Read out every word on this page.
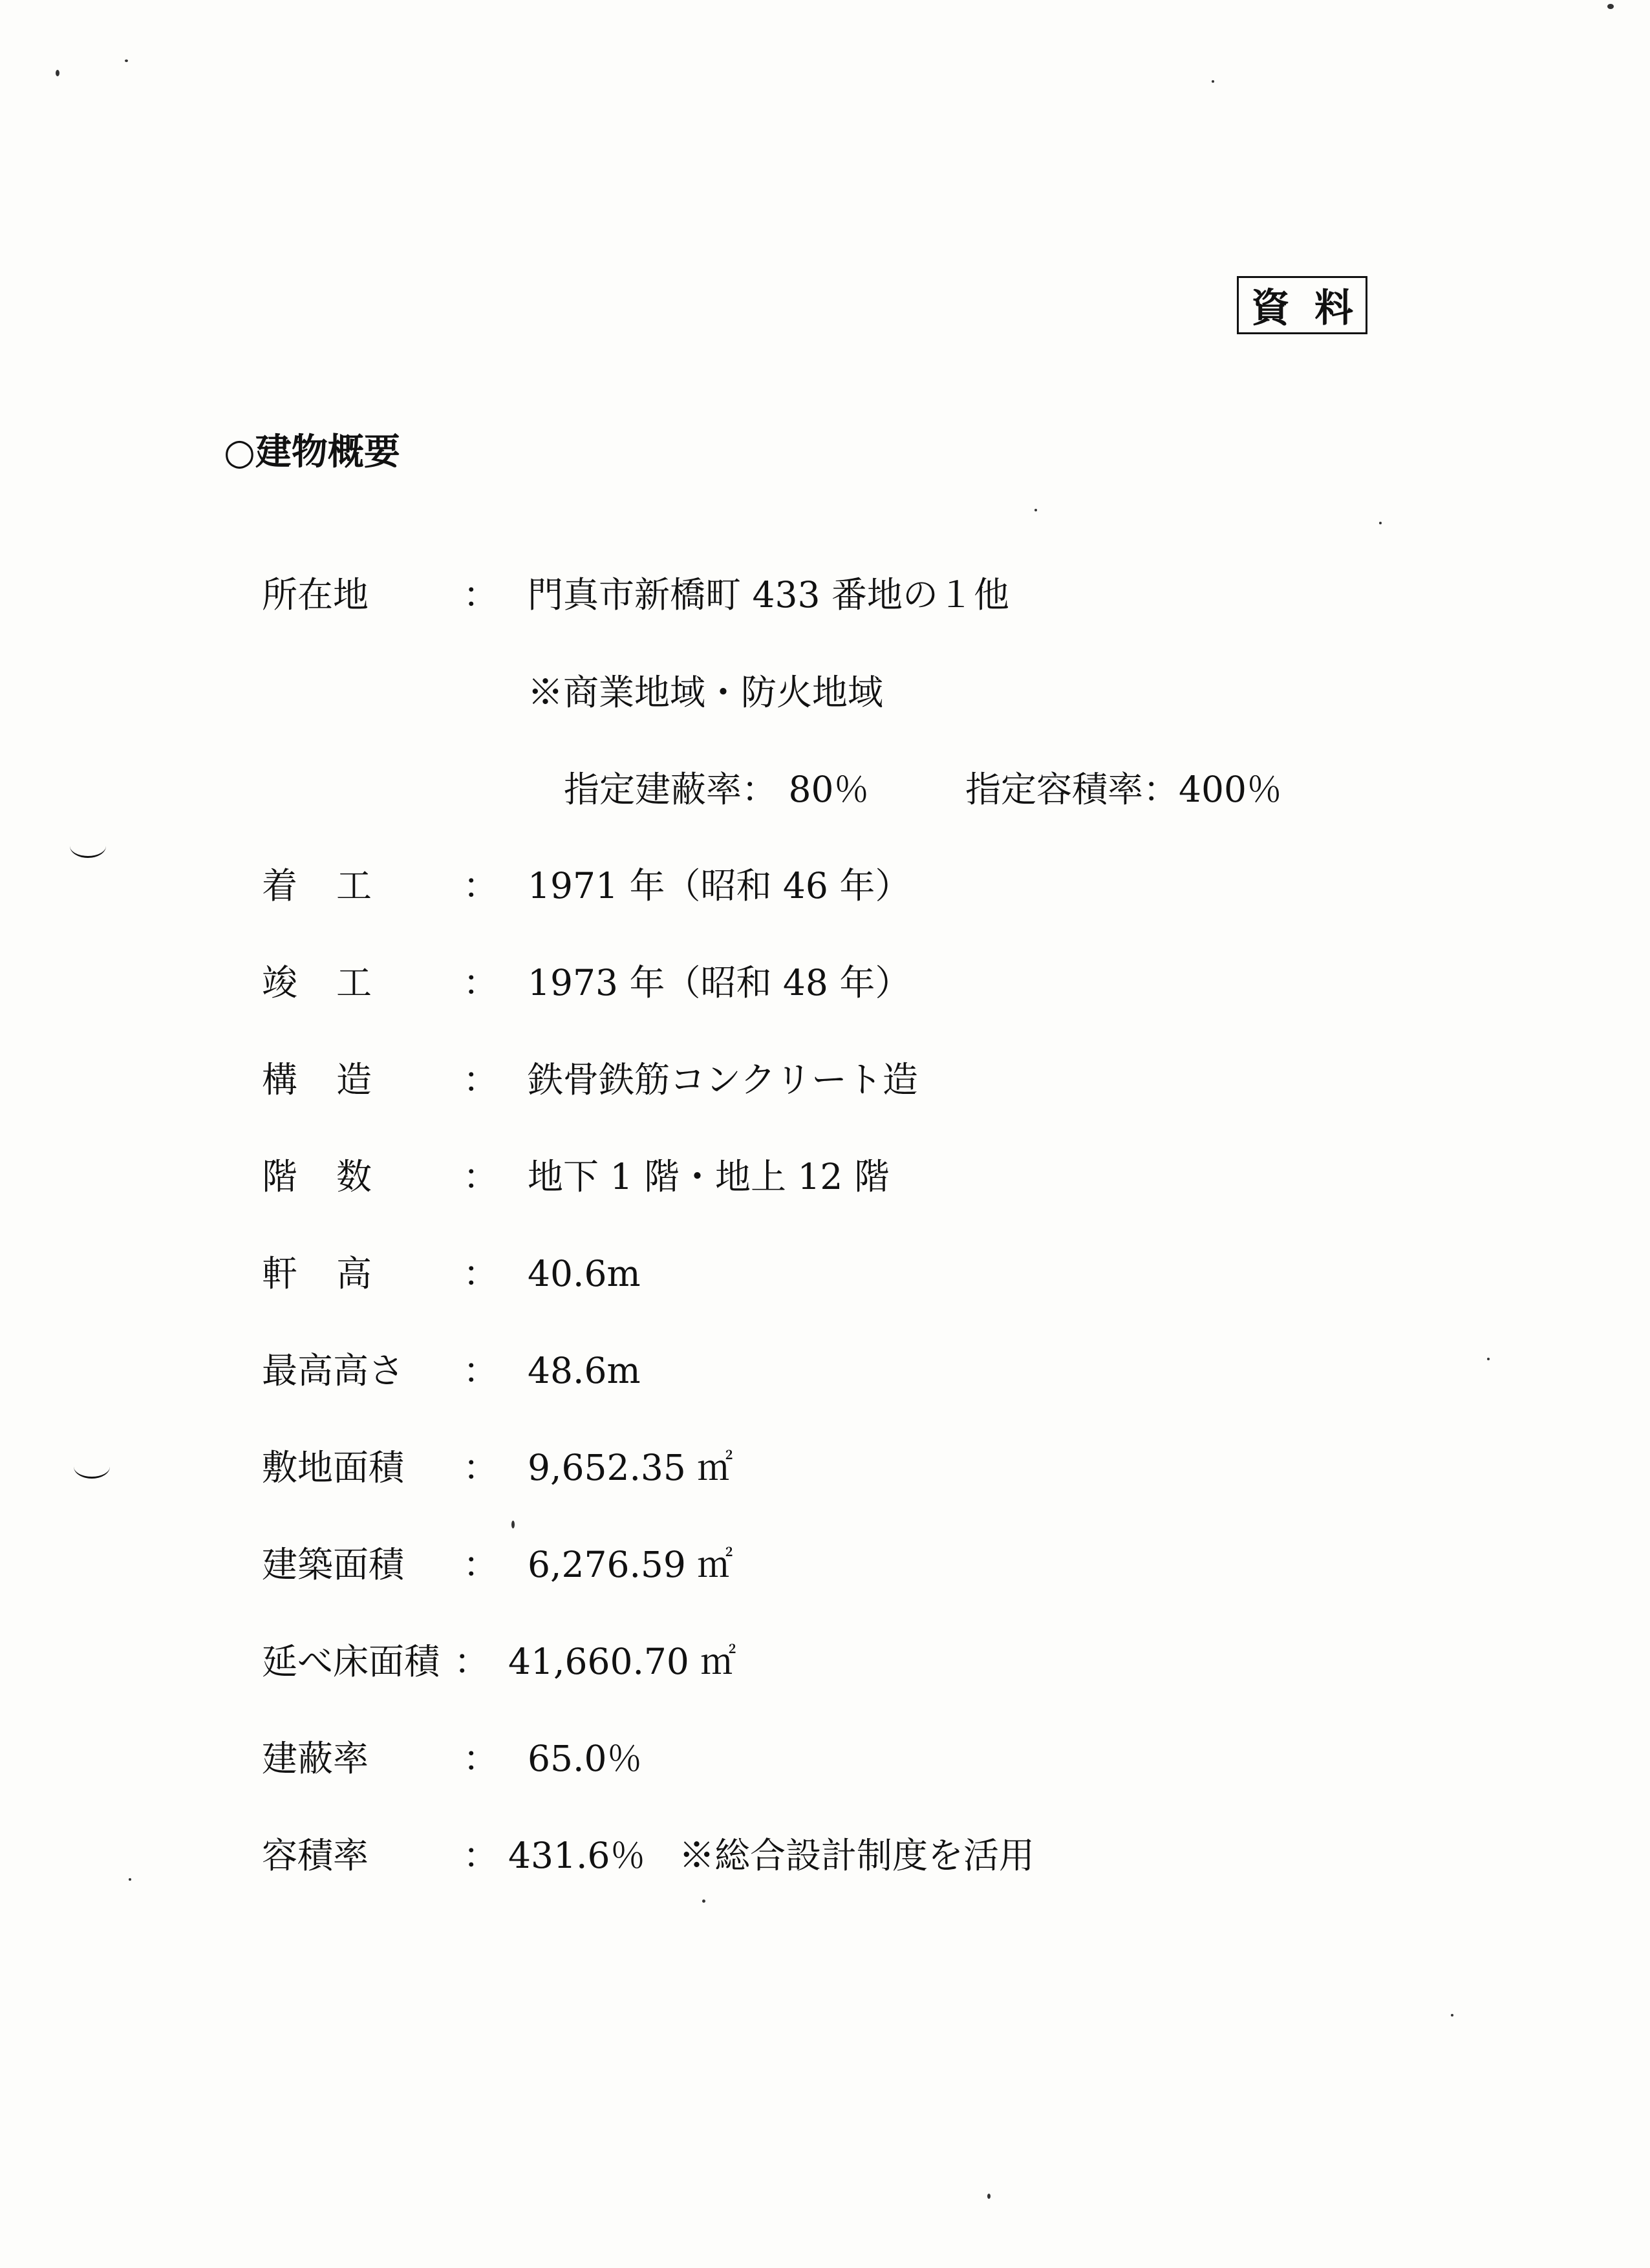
資料
○建物概要
所在地	： 門真市新橋町 433 番地の１他
※商業地域・防火地域
指定建蔽率： 80％	指定容積率：400％
着工 ： 1971 年（昭和 46 年）
竣工 ： 1973 年（昭和 48 年）
構造 ： 鉄骨鉄筋コンクリート造
階数 ： 地下 1 階・地上 12 階
軒高 ： 40.6m
最高高さ ： 48.6m
敷地面積 ： 9,652.35 ㎡
建築面積 ： 6,276.59 ㎡
延べ床面積 ： 41,660.70 ㎡
建蔽率	： 65.0％
容積率	： 431.6％ ※総合設計制度を活用
